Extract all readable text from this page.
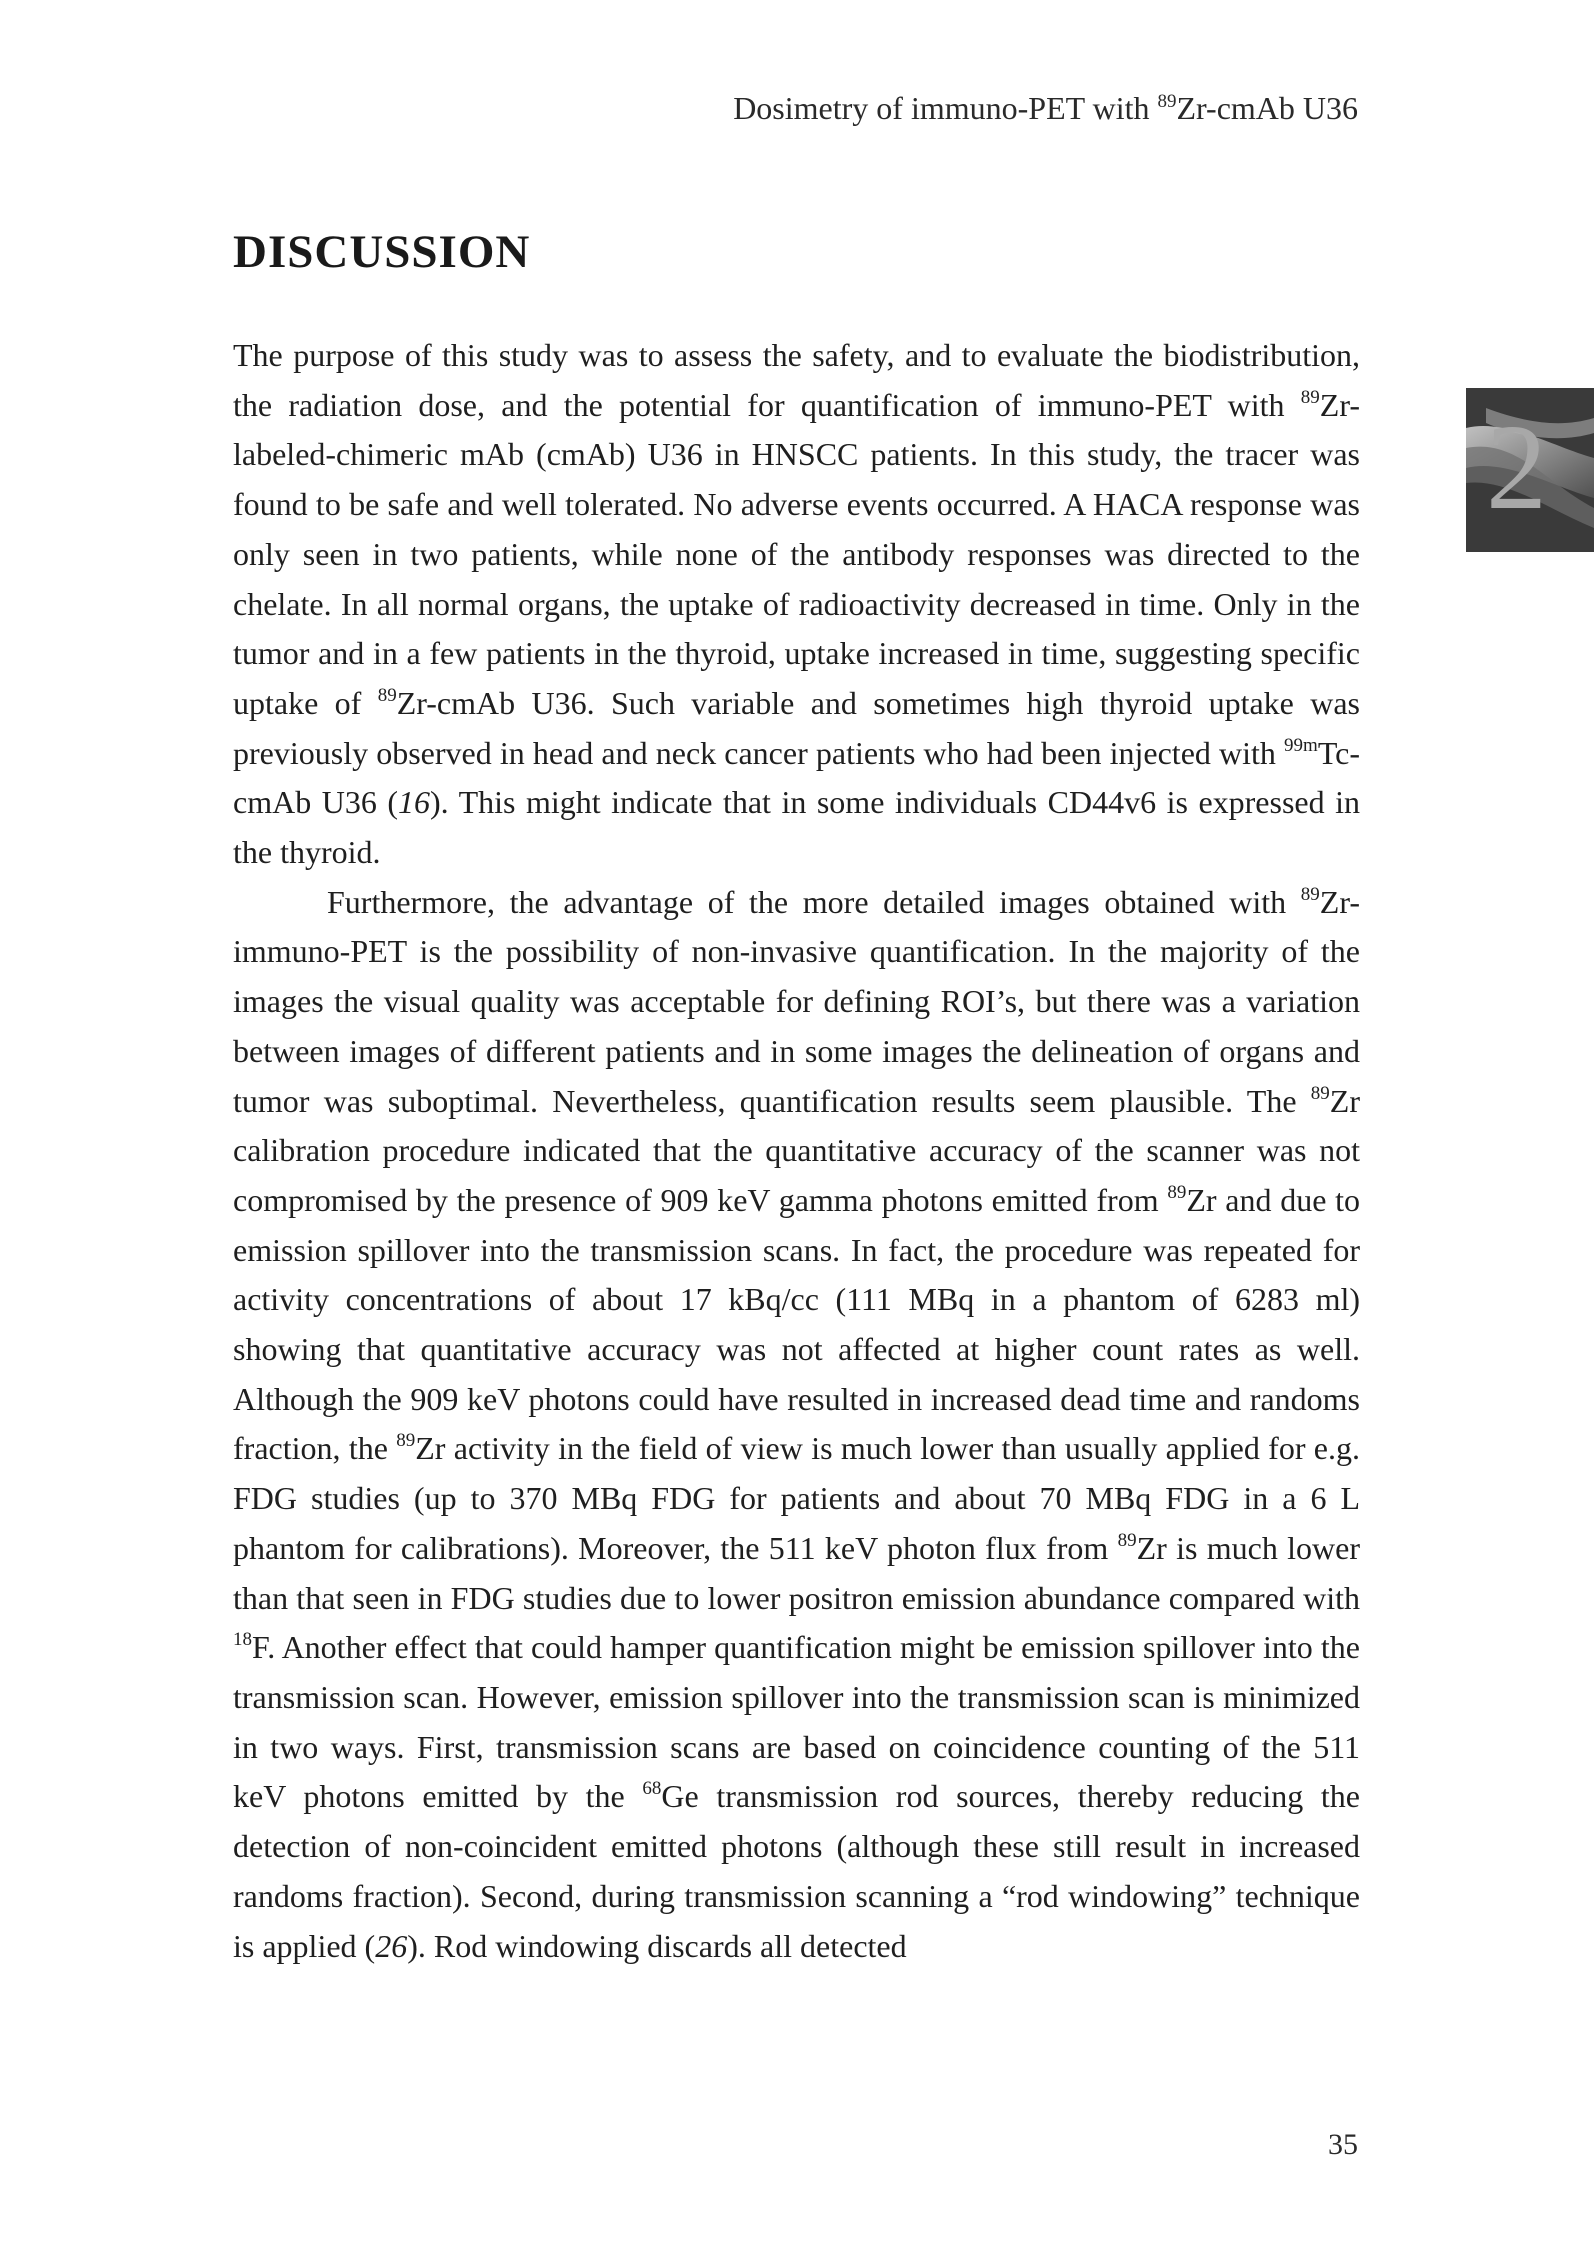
Dosimetry of immuno-PET with $^{89}$Zr-cmAb U36
DISCUSSION
2

The purpose of this study was to assess the safety, and to evaluate the biodistribution, the radiation dose, and the potential for quantification of immuno-PET with $^{89}$Zr-labeled-chimeric mAb (cmAb) U36 in HNSCC patients. In this study, the tracer was found to be safe and well tolerated. No adverse events occurred. A HACA response was only seen in two patients, while none of the antibody responses was directed to the chelate. In all normal organs, the uptake of radioactivity decreased in time. Only in the tumor and in a few patients in the thyroid, uptake increased in time, suggesting specific uptake of $^{89}$Zr-cmAb U36. Such variable and sometimes high thyroid uptake was previously observed in head and neck cancer patients who had been injected with $^{99m}$Tc-cmAb U36 (16). This might indicate that in some individuals CD44v6 is expressed in the thyroid.

Furthermore, the advantage of the more detailed images obtained with $^{89}$Zr-immuno-PET is the possibility of non-invasive quantification. In the majority of the images the visual quality was acceptable for defining ROI’s, but there was a variation between images of different patients and in some images the delineation of organs and tumor was suboptimal. Nevertheless, quantification results seem plausible. The $^{89}$Zr calibration procedure indicated that the quantitative accuracy of the scanner was not compromised by the presence of 909 keV gamma photons emitted from $^{89}$Zr and due to emission spillover into the transmission scans. In fact, the procedure was repeated for activity concentrations of about 17 kBq/cc (111 MBq in a phantom of 6283 ml) showing that quantitative accuracy was not affected at higher count rates as well. Although the 909 keV photons could have resulted in increased dead time and randoms fraction, the $^{89}$Zr activity in the field of view is much lower than usually applied for e.g. FDG studies (up to 370 MBq FDG for patients and about 70 MBq FDG in a 6 L phantom for calibrations). Moreover, the 511 keV photon flux from $^{89}$Zr is much lower than that seen in FDG studies due to lower positron emission abundance compared with $^{18}$F. Another effect that could hamper quantification might be emission spillover into the transmission scan. However, emission spillover into the transmission scan is minimized in two ways. First, transmission scans are based on coincidence counting of the 511 keV photons emitted by the $^{68}$Ge transmission rod sources, thereby reducing the detection of non-coincident emitted photons (although these still result in increased randoms fraction). Second, during transmission scanning a “rod windowing” technique is applied (26). Rod windowing discards all detected

35
